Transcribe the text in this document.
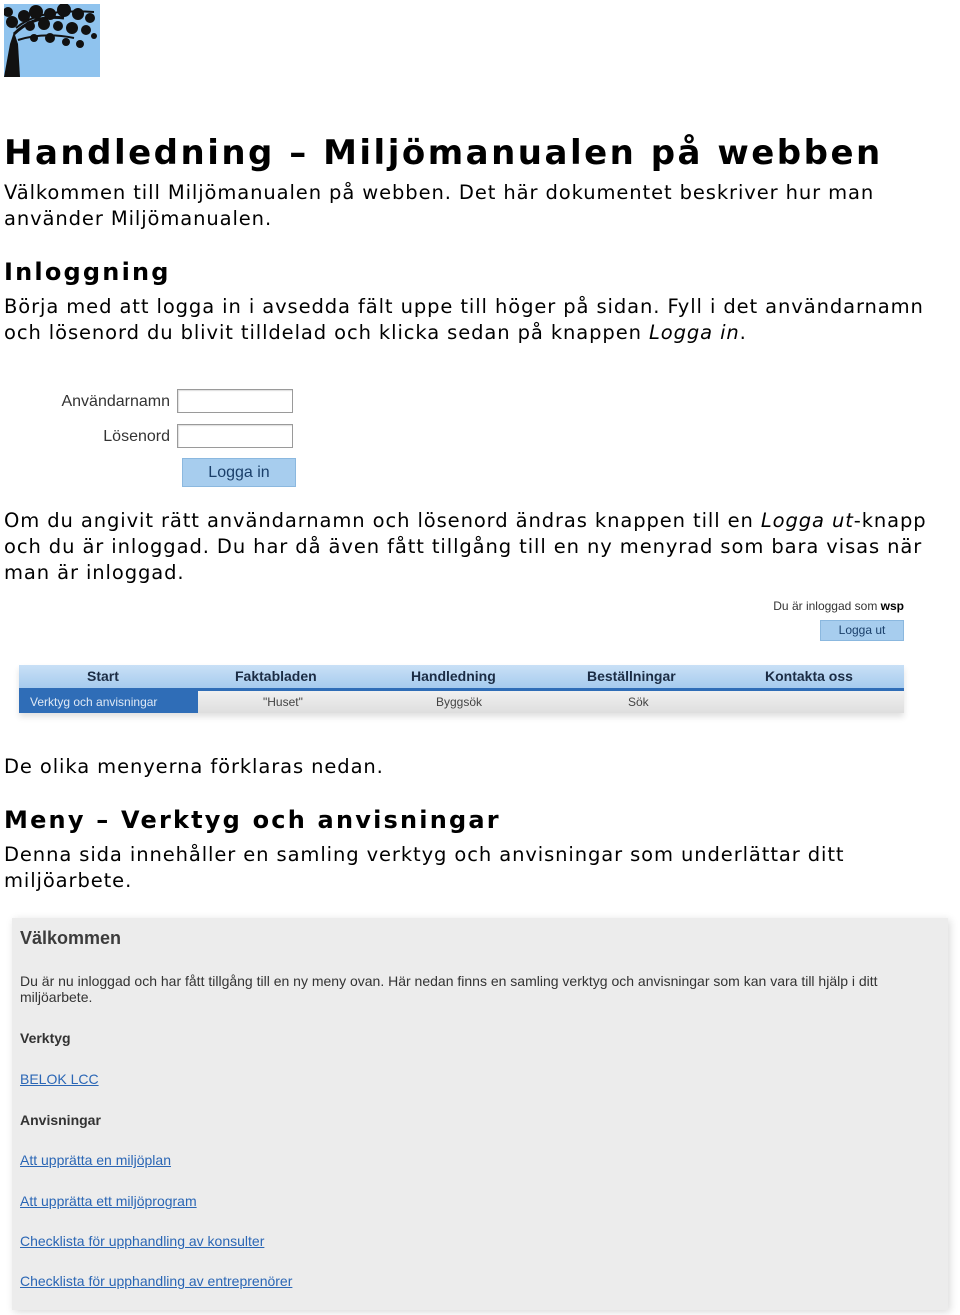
Handledning – Miljömanualen på webben
Välkommen till Miljömanualen på webben. Det här dokumentet beskriver hur man
använder Miljömanualen.
Inloggning
Börja med att logga in i avsedda fält uppe till höger på sidan. Fyll i det användarnamn
och lösenord du blivit tilldelad och klicka sedan på knappen Logga in.
Användarnamn
Lösenord
Logga in
Om du angivit rätt användarnamn och lösenord ändras knappen till en Logga ut-knapp
och du är inloggad. Du har då även fått tillgång till en ny menyrad som bara visas när
man är inloggad.
Du är inloggad som wsp
Logga ut
Start	Faktabladen	Handledning	Beställningar	Kontakta oss
Verktyg och anvisningar	"Huset"	Byggsök	Sök
De olika menyerna förklaras nedan.
Meny – Verktyg och anvisningar
Denna sida innehåller en samling verktyg och anvisningar som underlättar ditt
miljöarbete.
Välkommen
Du är nu inloggad och har fått tillgång till en ny meny ovan. Här nedan finns en samling verktyg och anvisningar som kan vara till hjälp i ditt miljöarbete.
Verktyg
BELOK LCC
Anvisningar
Att upprätta en miljöplan
Att upprätta ett miljöprogram
Checklista för upphandling av konsulter
Checklista för upphandling av entreprenörer
